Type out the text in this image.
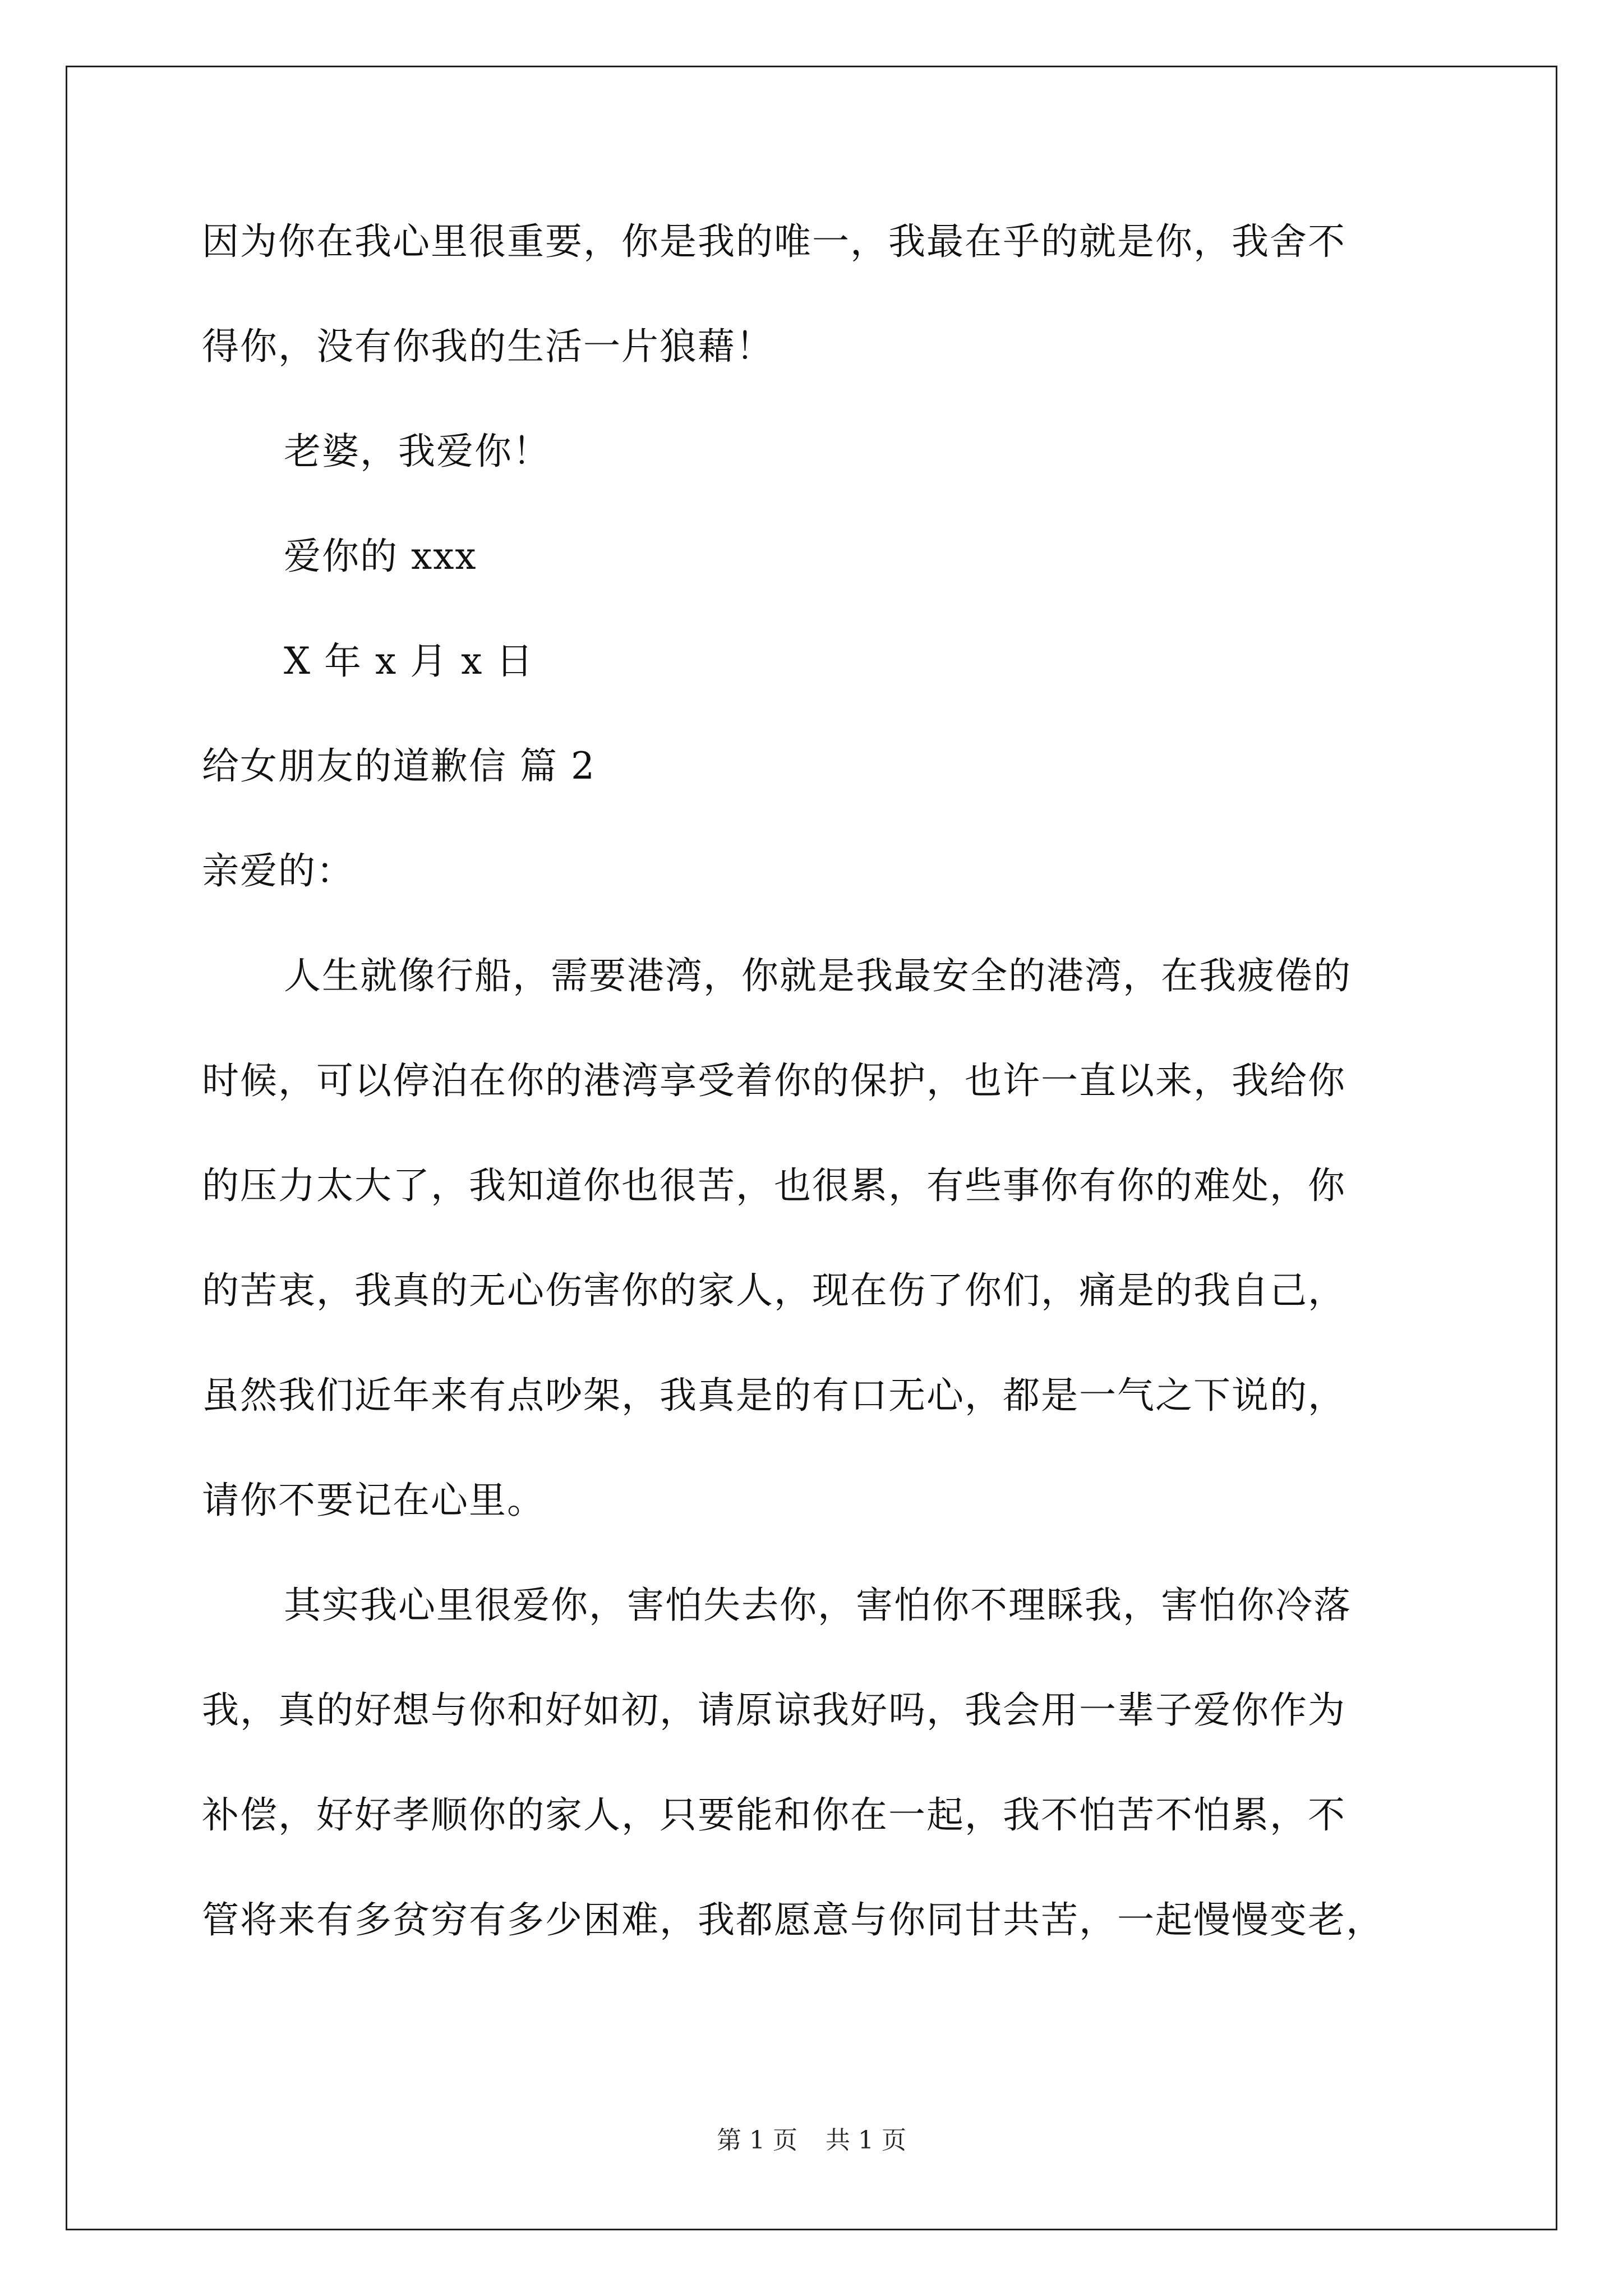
因为你在我心里很重要，你是我的唯一，我最在乎的就是你，我舍不
得你，没有你我的生活一片狼藉！
老婆，我爱你！
爱你的 xxx
X 年 x 月 x 日
给女朋友的道歉信 篇 2
亲爱的：
人生就像行船，需要港湾，你就是我最安全的港湾，在我疲倦的
时候，可以停泊在你的港湾享受着你的保护，也许一直以来，我给你
的压力太大了，我知道你也很苦，也很累，有些事你有你的难处，你
的苦衷，我真的无心伤害你的家人，现在伤了你们，痛是的我自己，
虽然我们近年来有点吵架，我真是的有口无心，都是一气之下说的，
请你不要记在心里。
其实我心里很爱你，害怕失去你，害怕你不理睬我，害怕你冷落
我，真的好想与你和好如初，请原谅我好吗，我会用一辈子爱你作为
补偿，好好孝顺你的家人，只要能和你在一起，我不怕苦不怕累，不
管将来有多贫穷有多少困难，我都愿意与你同甘共苦，一起慢慢变老，
第 1 页 共 1 页
